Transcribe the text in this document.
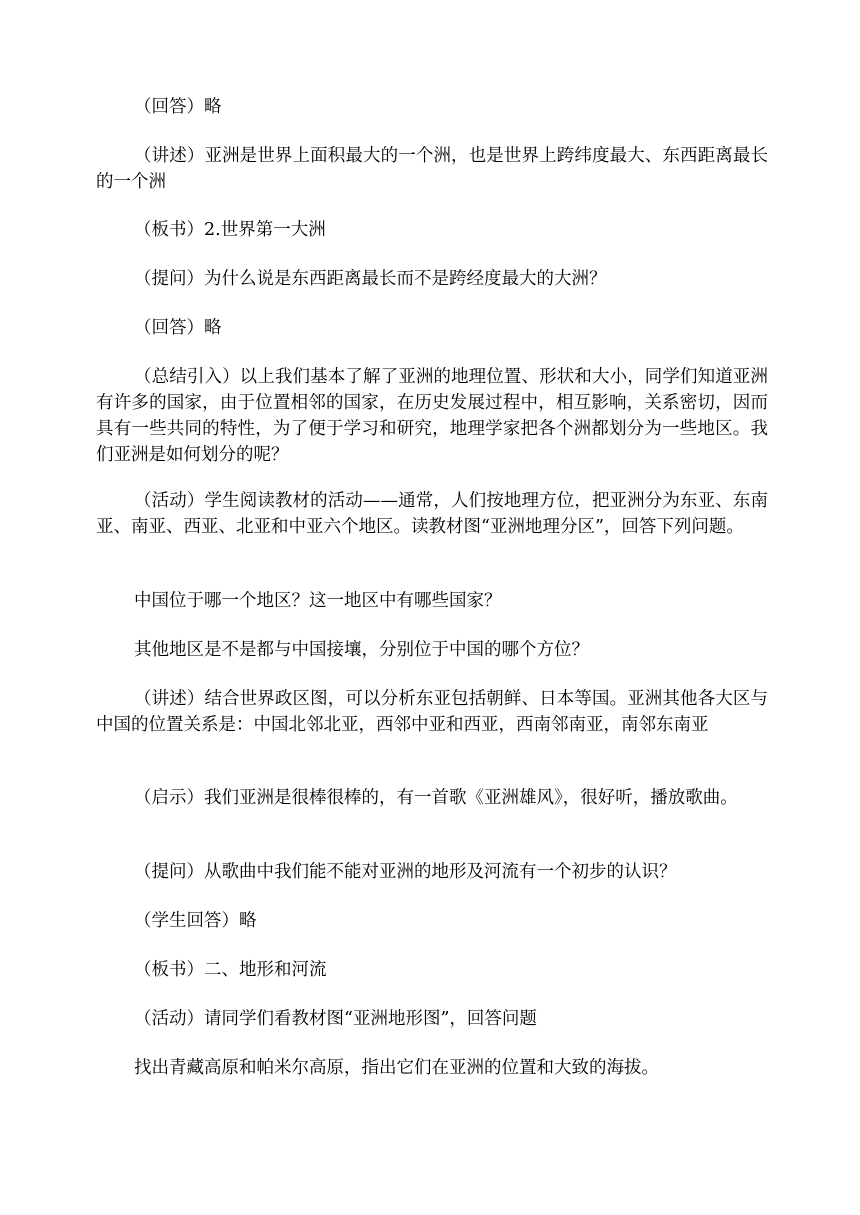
（回答）略

（讲述）亚洲是世界上面积最大的一个洲，也是世界上跨纬度最大、东西距离最长的一个洲

（板书）2.世界第一大洲

（提问）为什么说是东西距离最长而不是跨经度最大的大洲？

（回答）略

（总结引入）以上我们基本了解了亚洲的地理位置、形状和大小，同学们知道亚洲有许多的国家，由于位置相邻的国家，在历史发展过程中，相互影响，关系密切，因而具有一些共同的特性，为了便于学习和研究，地理学家把各个洲都划分为一些地区。我们亚洲是如何划分的呢？

（活动）学生阅读教材的活动——通常，人们按地理方位，把亚洲分为东亚、东南亚、南亚、西亚、北亚和中亚六个地区。读教材图“亚洲地理分区”，回答下列问题。

中国位于哪一个地区？这一地区中有哪些国家？

其他地区是不是都与中国接壤，分别位于中国的哪个方位？

（讲述）结合世界政区图，可以分析东亚包括朝鲜、日本等国。亚洲其他各大区与中国的位置关系是：中国北邻北亚，西邻中亚和西亚，西南邻南亚，南邻东南亚

（启示）我们亚洲是很棒很棒的，有一首歌《亚洲雄风》，很好听，播放歌曲。

（提问）从歌曲中我们能不能对亚洲的地形及河流有一个初步的认识？

（学生回答）略

（板书）二、地形和河流

（活动）请同学们看教材图“亚洲地形图”，回答问题

找出青藏高原和帕米尔高原，指出它们在亚洲的位置和大致的海拔。
